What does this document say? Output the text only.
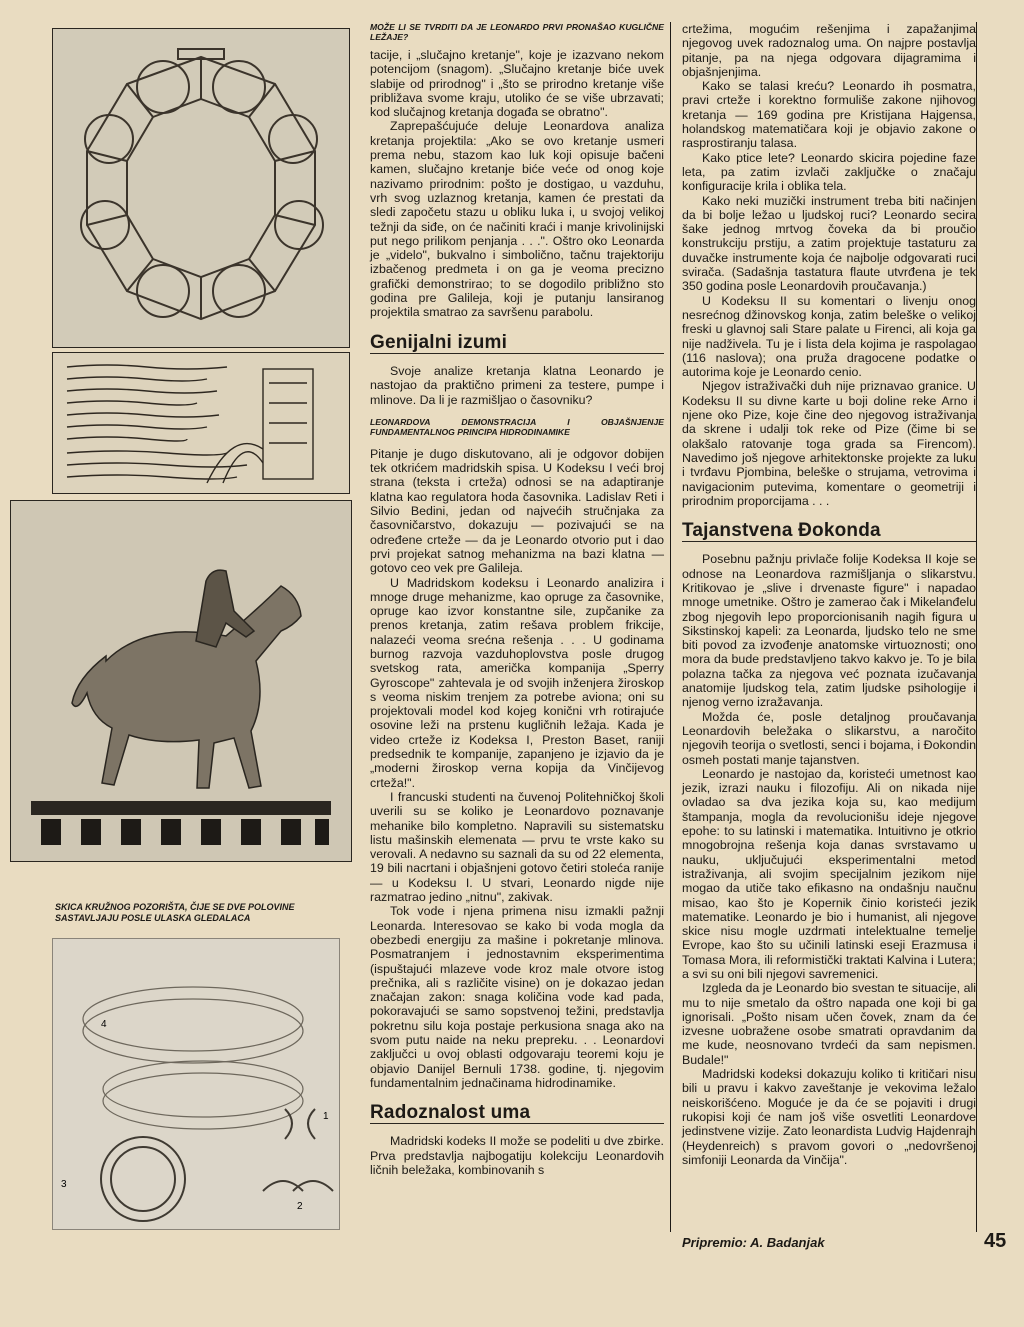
SKICA KRUŽNOG POZORIŠTA, ČIJE SE DVE POLOVINE SASTAVLJAJU POSLE ULASKA GLEDALACA
4
1
3
2
MOŽE LI SE TVRDITI DA JE LEONARDO PRVI PRONAŠAO KUGLIČNE LEŽAJE?

tacije, i „slučajno kretanje", koje je izazvano nekom potencijom (snagom). „Slučajno kretanje biće uvek slabije od prirodnog" i „što se prirodno kretanje više približava svome kraju, utoliko će se više ubrzavati; kod slučajnog kretanja događa se obratno".

Zaprepašćujuće deluje Leonardova analiza kretanja projektila: „Ako se ovo kretanje usmeri prema nebu, stazom kao luk koji opisuje bačeni kamen, slučajno kretanje biće veće od onog koje nazivamo prirodnim: pošto je dostigao, u vazduhu, vrh svog uzlaznog kretanja, kamen će prestati da sledi započetu stazu u obliku luka i, u svojoj velikoj težnji da siđe, on će načiniti kraći i manje krivolinijski put nego prilikom penjanja . . .". Oštro oko Leonarda je „videlo", bukvalno i simbolično, tačnu trajektoriju izbačenog predmeta i on ga je veoma precizno grafički demonstrirao; to se dogodilo približno sto godina pre Galileja, koji je putanju lansiranog projektila smatrao za savršenu parabolu.

Genijalni izumi

Svoje analize kretanja klatna Leonardo je nastojao da praktično primeni za testere, pumpe i mlinove. Da li je razmišljao o časovniku?

LEONARDOVA DEMONSTRACIJA I OBJAŠNJENJE FUNDAMENTALNOG PRINCIPA HIDRODINAMIKE

Pitanje je dugo diskutovano, ali je odgovor dobijen tek otkrićem madridskih spisa. U Kodeksu I veći broj strana (teksta i crteža) odnosi se na adaptiranje klatna kao regulatora hoda časovnika. Ladislav Reti i Silvio Bedini, jedan od najvećih stručnjaka za časovničarstvo, dokazuju — pozivajući se na određene crteže — da je Leonardo otvorio put i dao prvi projekat satnog mehanizma na bazi klatna — gotovo ceo vek pre Galileja.

U Madridskom kodeksu i Leonardo analizira i mnoge druge mehanizme, kao opruge za časovnike, opruge kao izvor konstantne sile, zupčanike za prenos kretanja, zatim rešava problem frikcije, nalazeći veoma srećna rešenja . . . U godinama burnog razvoja vazduhoplovstva posle drugog svetskog rata, američka kompanija „Sperry Gyroscope" zahtevala je od svojih inženjera žiroskop s veoma niskim trenjem za potrebe aviona; oni su projektovali model kod kojeg konični vrh rotirajuće osovine leži na prstenu kugličnih ležaja. Kada je video crteže iz Kodeksa I, Preston Baset, raniji predsednik te kompanije, zapanjeno je izjavio da je „moderni žiroskop verna kopija da Vinčijevog crteža!".

I francuski studenti na čuvenoj Politehničkoj školi uverili su se koliko je Leonardovo poznavanje mehanike bilo kompletno. Napravili su sistematsku listu mašinskih elemenata — prvu te vrste kako su verovali. A nedavno su saznali da su od 22 elementa, 19 bili nacrtani i objašnjeni gotovo četiri stoleća ranije — u Kodeksu I. U stvari, Leonardo nigde nije razmatrao jedino „nitnu", zakivak.

Tok vode i njena primena nisu izmakli pažnji Leonarda. Interesovao se kako bi voda mogla da obezbedi energiju za mašine i pokretanje mlinova. Posmatranjem i jednostavnim eksperimentima (ispuštajući mlazeve vode kroz male otvore istog prečnika, ali s različite visine) on je dokazao jedan značajan zakon: snaga količina vode kad pada, pokoravajući se samo sopstvenoj težini, predstavlja pokretnu silu koja postaje perkusiona snaga ako na svom putu naide na neku prepreku. . . Leonardovi zaključci u ovoj oblasti odgovaraju teoremi koju je objavio Danijel Bernuli 1738. godine, tj. njegovim fundamentalnim jednačinama hidrodinamike.

Radoznalost uma

Madridski kodeks II može se podeliti u dve zbirke. Prva predstavlja najbogatiju kolekciju Leonardovih ličnih beležaka, kombinovanih s

crtežima, mogućim rešenjima i zapažanjima njegovog uvek radoznalog uma. On najpre postavlja pitanje, pa na njega odgovara dijagramima i objašnjenjima.

Kako se talasi kreću? Leonardo ih posmatra, pravi crteže i korektno formuliše zakone njihovog kretanja — 169 godina pre Kristijana Hajgensa, holandskog matematičara koji je objavio zakone o rasprostiranju talasa.

Kako ptice lete? Leonardo skicira pojedine faze leta, pa zatim izvlači zaključke o značaju konfiguracije krila i oblika tela.

Kako neki muzički instrument treba biti načinjen da bi bolje ležao u ljudskoj ruci? Leonardo secira šake jednog mrtvog čoveka da bi proučio konstrukciju prstiju, a zatim projektuje tastaturu za duvačke instrumente koja će najbolje odgovarati ruci svirača. (Sadašnja tastatura flaute utvrđena je tek 350 godina posle Leonardovih proučavanja.)

U Kodeksu II su komentari o livenju onog nesrećnog džinovskog konja, zatim beleške o velikoj freski u glavnoj sali Stare palate u Firenci, ali koja ga nije nadživela. Tu je i lista dela kojima je raspolagao (116 naslova); ona pruža dragocene podatke o autorima koje je Leonardo cenio.

Njegov istraživački duh nije priznavao granice. U Kodeksu II su divne karte u boji doline reke Arno i njene oko Pize, koje čine deo njegovog istraživanja da skrene i udalji tok reke od Pize (čime bi se olakšalo ratovanje toga grada sa Firencom). Navedimo još njegove arhitektonske projekte za luku i tvrđavu Pjombina, beleške o strujama, vetrovima i navigacionim putevima, komentare o geometriji i prirodnim proporcijama . . .

Tajanstvena Đokonda

Posebnu pažnju privlače folije Kodeksa II koje se odnose na Leonardova razmišljanja o slikarstvu. Kritikovao je „slive i drvenaste figure" i napadao mnoge umetnike. Oštro je zamerao čak i Mikelanđelu zbog njegovih lepo proporcionisanih nagih figura u Sikstinskoj kapeli: za Leonarda, ljudsko telo ne sme biti povod za izvođenje anatomske virtuoznosti; ono mora da bude predstavljeno takvo kakvo je. To je bila polazna tačka za njegova već poznata izučavanja anatomije ljudskog tela, zatim ljudske psihologije i njenog verno izražavanja.

Možda će, posle detaljnog proučavanja Leonardovih beležaka o slikarstvu, a naročito njegovih teorija o svetlosti, senci i bojama, i Đokondin osmeh postati manje tajanstven.

Leonardo je nastojao da, koristeći umetnost kao jezik, izrazi nauku i filozofiju. Ali on nikada nije ovladao sa dva jezika koja su, kao medijum štampanja, mogla da revolucionišu ideje njegove epohe: to su latinski i matematika. Intuitivno je otkrio mnogobrojna rešenja koja danas svrstavamo u nauku, uključujući eksperimentalni metod istraživanja, ali svojim specijalnim jezikom nije mogao da utiče tako efikasno na ondašnju naučnu misao, kao što je Kopernik činio koristeći jezik matematike. Leonardo je bio i humanist, ali njegove skice nisu mogle uzdrmati intelektualne temelje Evrope, kao što su učinili latinski eseji Erazmusa i Tomasa Mora, ili reformistički traktati Kalvina i Lutera; a svi su oni bili njegovi savremenici.

Izgleda da je Leonardo bio svestan te situacije, ali mu to nije smetalo da oštro napada one koji bi ga ignorisali. „Pošto nisam učen čovek, znam da će izvesne uobražene osobe smatrati opravdanim da me kude, neosnovano tvrdeći da sam nepismen. Budale!"

Madridski kodeksi dokazuju koliko ti kritičari nisu bili u pravu i kakvo zaveštanje je vekovima ležalo neiskorišćeno. Moguće je da će se pojaviti i drugi rukopisi koji će nam još više osvetliti Leonardove jedinstvene vizije. Zato leonardista Ludvig Hajdenrajh (Heydenreich) s pravom govori o „nedovršenoj simfoniji Leonarda da Vinčija".

Pripremio: A. Badanjak	45
